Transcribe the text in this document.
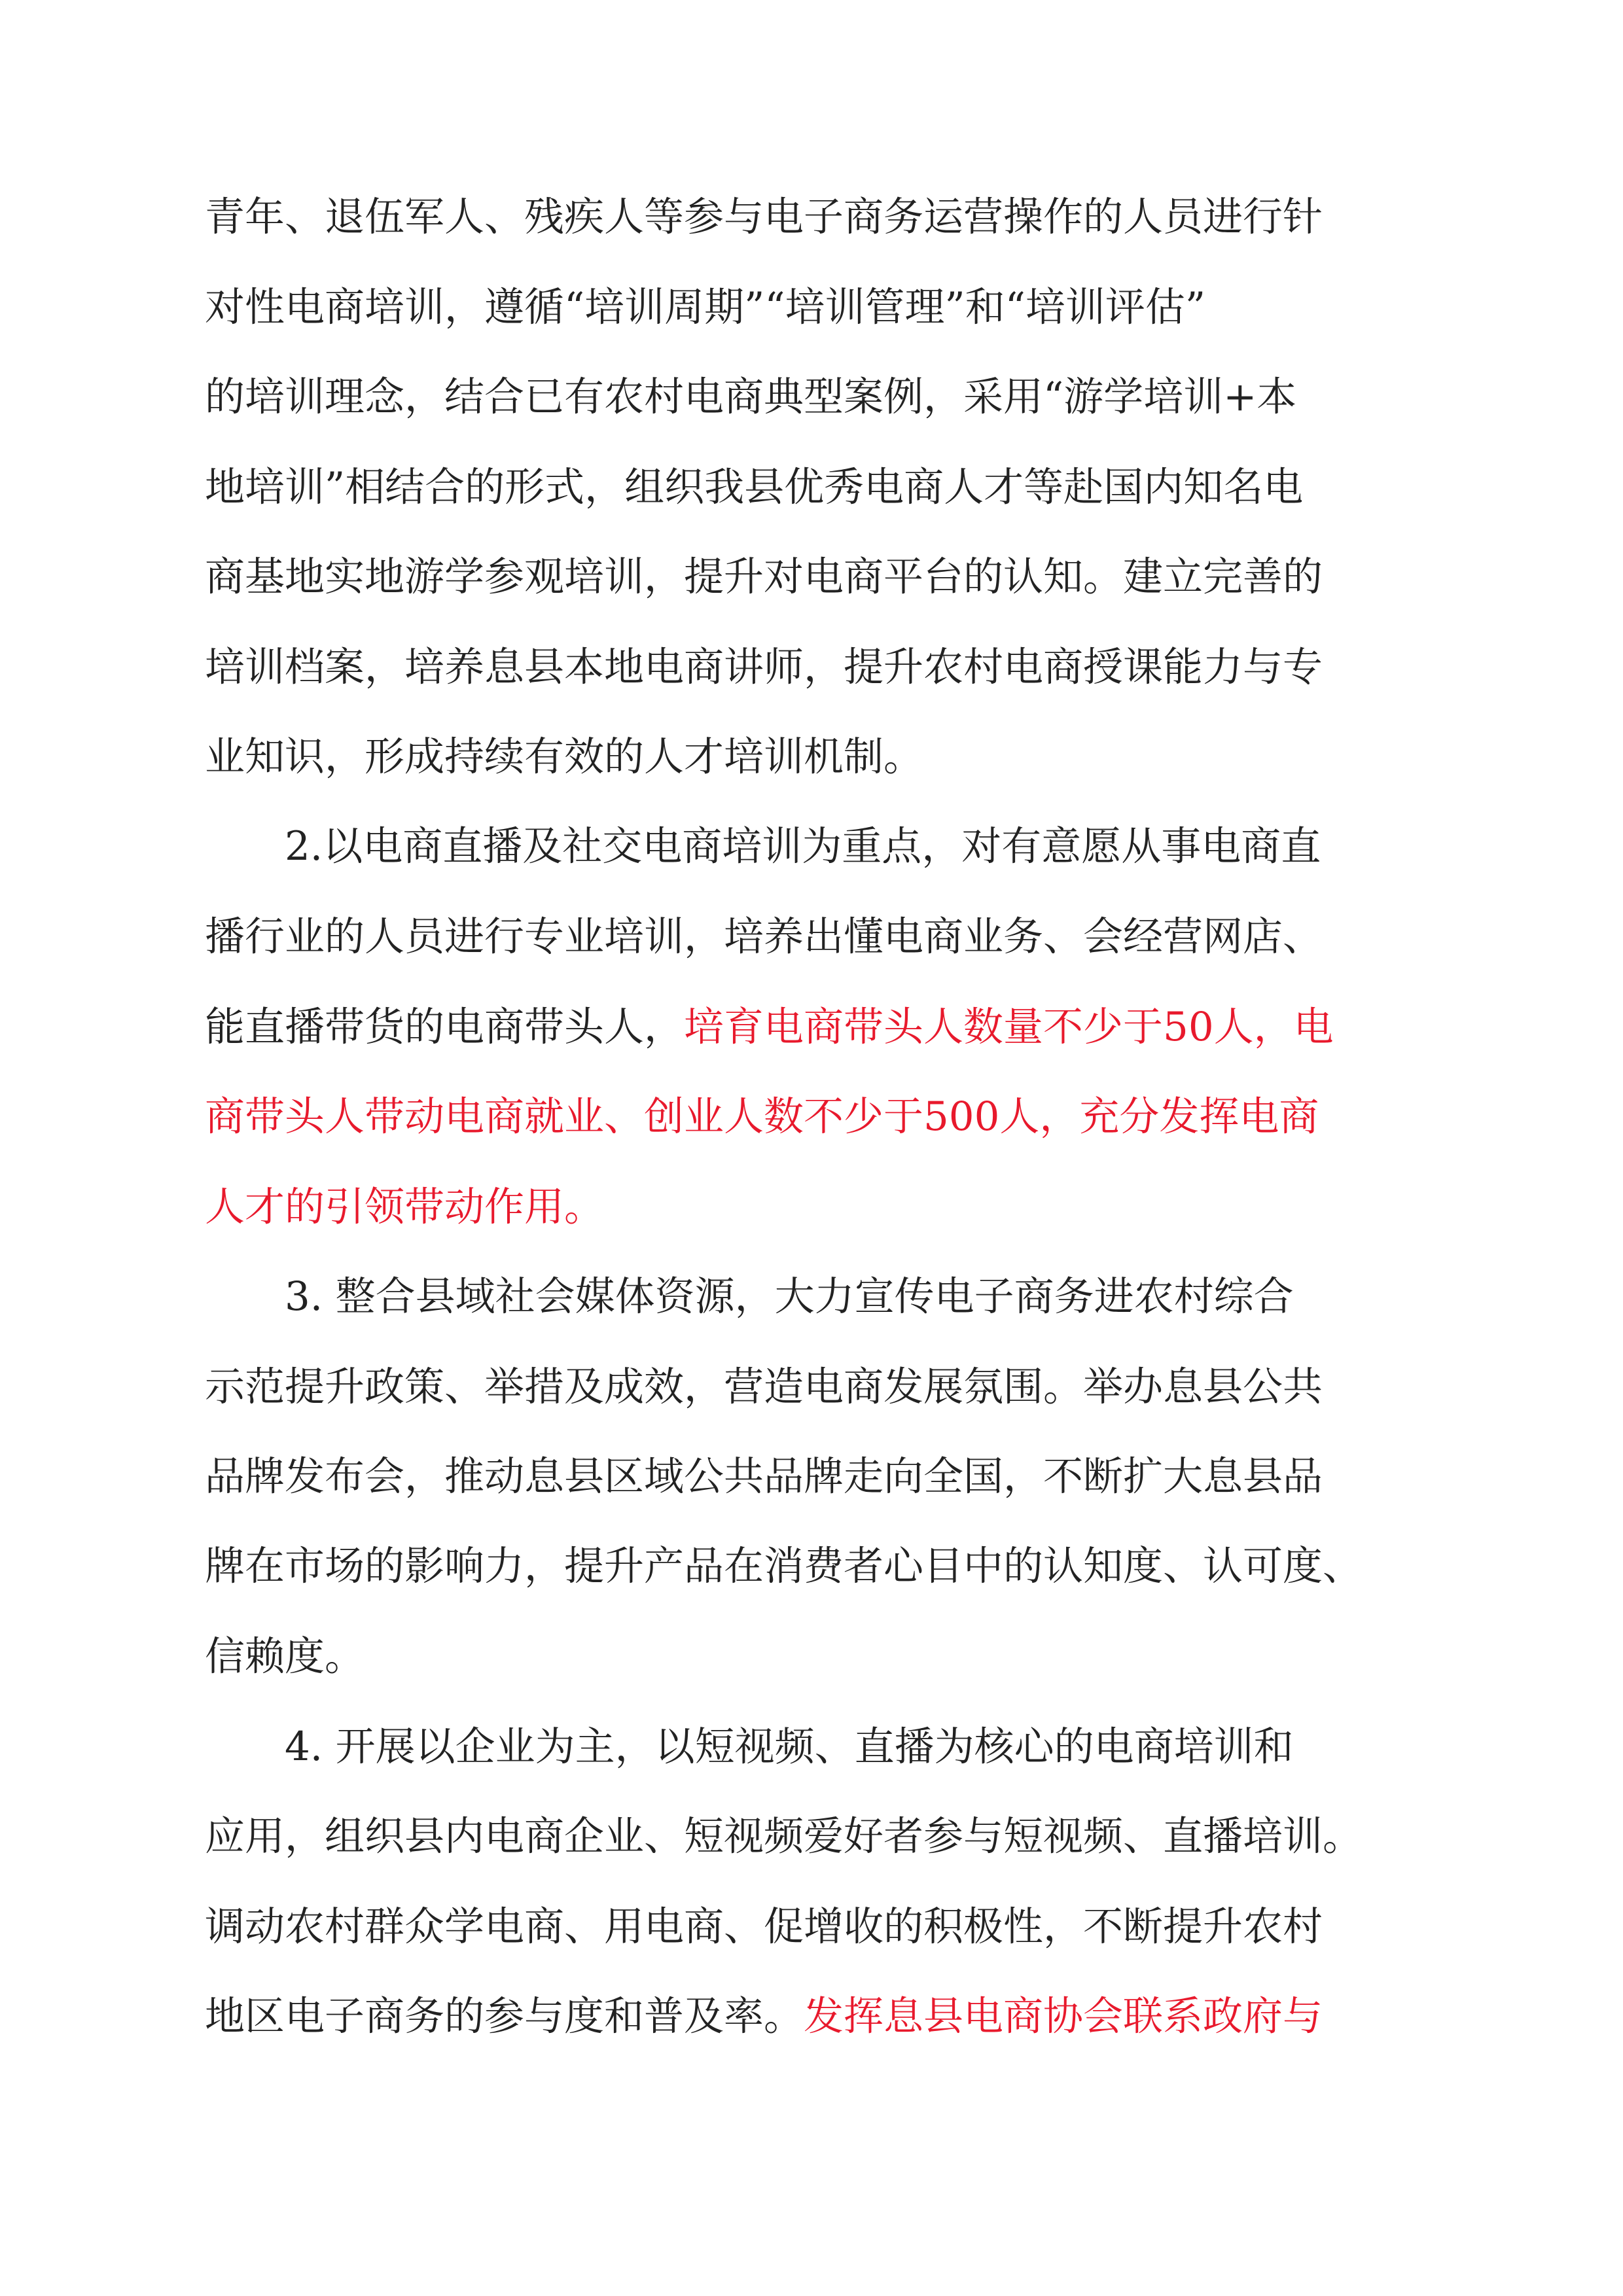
青年、退伍军人、残疾人等参与电子商务运营操作的人员进行针
对性电商培训，遵循“培训周期”“培训管理”和“培训评估”
的培训理念，结合已有农村电商典型案例，采用“游学培训+本
地培训”相结合的形式，组织我县优秀电商人才等赴国内知名电
商基地实地游学参观培训，提升对电商平台的认知。建立完善的
培训档案，培养息县本地电商讲师，提升农村电商授课能力与专
业知识，形成持续有效的人才培训机制。
2.以电商直播及社交电商培训为重点，对有意愿从事电商直
播行业的人员进行专业培训，培养出懂电商业务、会经营网店、
能直播带货的电商带头人，培育电商带头人数量不少于50人，电
商带头人带动电商就业、创业人数不少于500人，充分发挥电商
人才的引领带动作用。
3. 整合县域社会媒体资源，大力宣传电子商务进农村综合
示范提升政策、举措及成效，营造电商发展氛围。举办息县公共
品牌发布会，推动息县区域公共品牌走向全国，不断扩大息县品
牌在市场的影响力，提升产品在消费者心目中的认知度、认可度、
信赖度。
4. 开展以企业为主，以短视频、直播为核心的电商培训和
应用，组织县内电商企业、短视频爱好者参与短视频、直播培训。
调动农村群众学电商、用电商、促增收的积极性，不断提升农村
地区电子商务的参与度和普及率。发挥息县电商协会联系政府与
